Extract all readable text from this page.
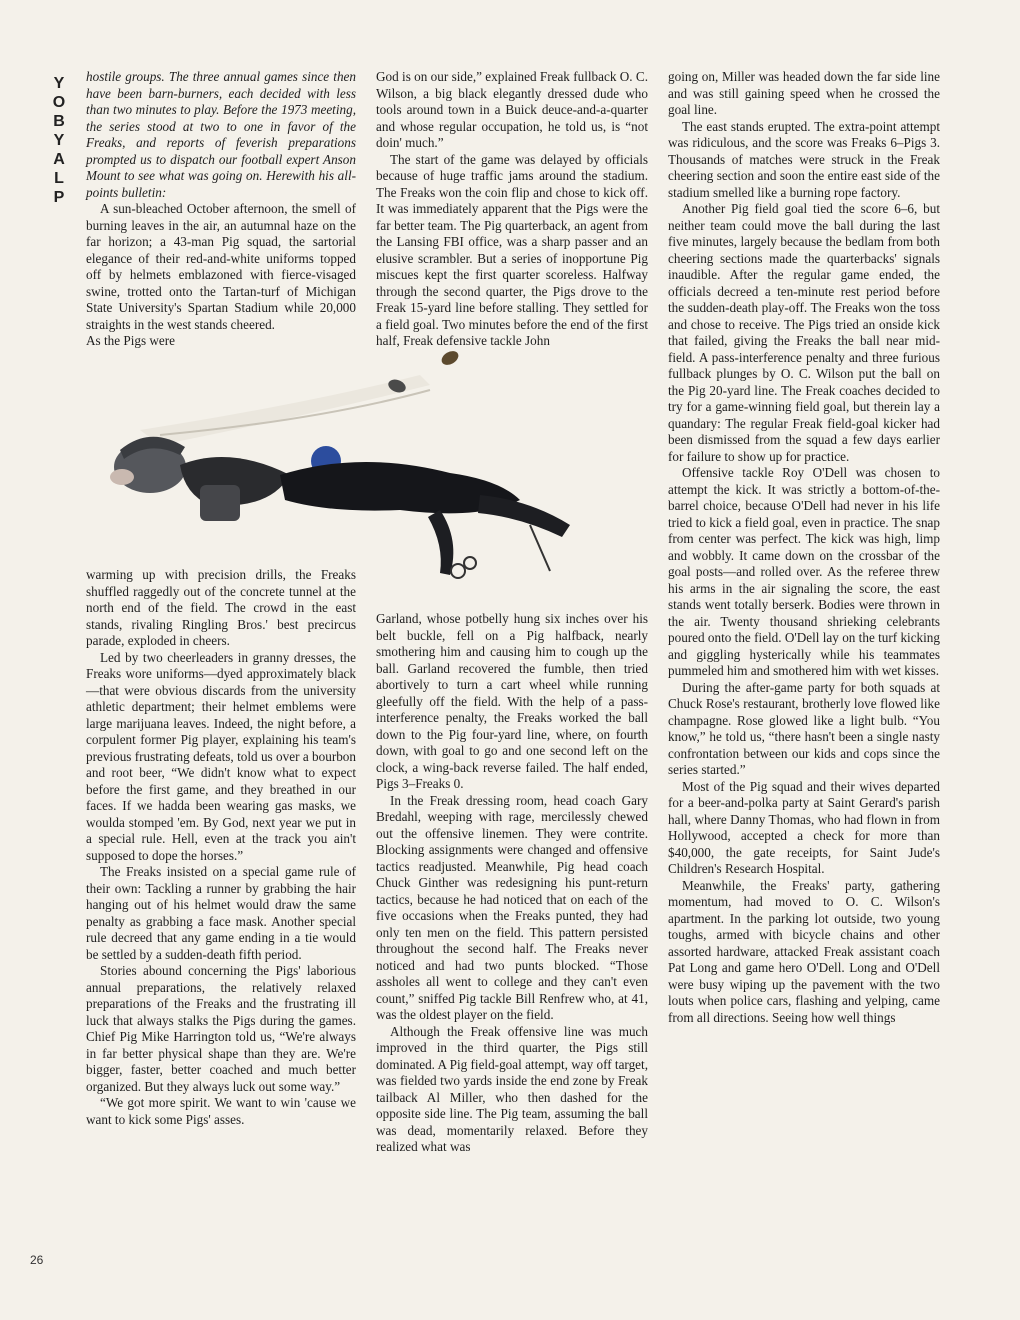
Y
O
B
Y
A
L
P
26

hostile groups. The three annual games since then have been barn-burners, each decided with less than two minutes to play. Before the 1973 meeting, the series stood at two to one in favor of the Freaks, and reports of feverish preparations prompted us to dispatch our football expert Anson Mount to see what was going on. Herewith his all-points bulletin:

A sun-bleached October afternoon, the smell of burning leaves in the air, an autumnal haze on the far horizon; a 43-man Pig squad, the sartorial elegance of their red-and-white uniforms topped off by helmets emblazoned with fierce-visaged swine, trotted onto the Tartan-turf of Michigan State University's Spartan Stadium while 20,000 straights in the west stands cheered.

As the Pigs were

warming up with precision drills, the Freaks shuffled raggedly out of the concrete tunnel at the north end of the field. The crowd in the east stands, rivaling Ringling Bros.' best precircus parade, exploded in cheers.

Led by two cheerleaders in granny dresses, the Freaks wore uniforms—dyed approximately black—that were obvious discards from the university athletic department; their helmet emblems were large marijuana leaves. Indeed, the night before, a corpulent former Pig player, explaining his team's previous frustrating defeats, told us over a bourbon and root beer, “We didn't know what to expect before the first game, and they breathed in our faces. If we hadda been wearing gas masks, we woulda stomped 'em. By God, next year we put in a special rule. Hell, even at the track you ain't supposed to dope the horses.”

The Freaks insisted on a special game rule of their own: Tackling a runner by grabbing the hair hanging out of his helmet would draw the same penalty as grabbing a face mask. Another special rule decreed that any game ending in a tie would be settled by a sudden-death fifth period.

Stories abound concerning the Pigs' laborious annual preparations, the relatively relaxed preparations of the Freaks and the frustrating ill luck that always stalks the Pigs during the games. Chief Pig Mike Harrington told us, “We're always in far better physical shape than they are. We're bigger, faster, better coached and much better organized. But they always luck out some way.”

“We got more spirit. We want to win 'cause we want to kick some Pigs' asses.

God is on our side,” explained Freak fullback O. C. Wilson, a big black elegantly dressed dude who tools around town in a Buick deuce-and-a-quarter and whose regular occupation, he told us, is “not doin' much.”

The start of the game was delayed by officials because of huge traffic jams around the stadium. The Freaks won the coin flip and chose to kick off. It was immediately apparent that the Pigs were the far better team. The Pig quarterback, an agent from the Lansing FBI office, was a sharp passer and an elusive scrambler. But a series of inopportune Pig miscues kept the first quarter scoreless. Halfway through the second quarter, the Pigs drove to the Freak 15-yard line before stalling. They settled for a field goal. Two minutes before the end of the first half, Freak defensive tackle John

Garland, whose potbelly hung six inches over his belt buckle, fell on a Pig halfback, nearly smothering him and causing him to cough up the ball. Garland recovered the fumble, then tried abortively to turn a cart wheel while running gleefully off the field. With the help of a pass-interference penalty, the Freaks worked the ball down to the Pig four-yard line, where, on fourth down, with goal to go and one second left on the clock, a wing-back reverse failed. The half ended, Pigs 3–Freaks 0.

In the Freak dressing room, head coach Gary Bredahl, weeping with rage, mercilessly chewed out the offensive linemen. They were contrite. Blocking assignments were changed and offensive tactics readjusted. Meanwhile, Pig head coach Chuck Ginther was redesigning his punt-return tactics, because he had noticed that on each of the five occasions when the Freaks punted, they had only ten men on the field. This pattern persisted throughout the second half. The Freaks never noticed and had two punts blocked. “Those assholes all went to college and they can't even count,” sniffed Pig tackle Bill Renfrew who, at 41, was the oldest player on the field.

Although the Freak offensive line was much improved in the third quarter, the Pigs still dominated. A Pig field-goal attempt, way off target, was fielded two yards inside the end zone by Freak tailback Al Miller, who then dashed for the opposite side line. The Pig team, assuming the ball was dead, momentarily relaxed. Before they realized what was

going on, Miller was headed down the far side line and was still gaining speed when he crossed the goal line.

The east stands erupted. The extra-point attempt was ridiculous, and the score was Freaks 6–Pigs 3. Thousands of matches were struck in the Freak cheering section and soon the entire east side of the stadium smelled like a burning rope factory.

Another Pig field goal tied the score 6–6, but neither team could move the ball during the last five minutes, largely because the bedlam from both cheering sections made the quarterbacks' signals inaudible. After the regular game ended, the officials decreed a ten-minute rest period before the sudden-death play-off. The Freaks won the toss and chose to receive. The Pigs tried an onside kick that failed, giving the Freaks the ball near mid-field. A pass-interference penalty and three furious fullback plunges by O. C. Wilson put the ball on the Pig 20-yard line. The Freak coaches decided to try for a game-winning field goal, but therein lay a quandary: The regular Freak field-goal kicker had been dismissed from the squad a few days earlier for failure to show up for practice.

Offensive tackle Roy O'Dell was chosen to attempt the kick. It was strictly a bottom-of-the-barrel choice, because O'Dell had never in his life tried to kick a field goal, even in practice. The snap from center was perfect. The kick was high, limp and wobbly. It came down on the crossbar of the goal posts—and rolled over. As the referee threw his arms in the air signaling the score, the east stands went totally berserk. Bodies were thrown in the air. Twenty thousand shrieking celebrants poured onto the field. O'Dell lay on the turf kicking and giggling hysterically while his teammates pummeled him and smothered him with wet kisses.

During the after-game party for both squads at Chuck Rose's restaurant, brotherly love flowed like champagne. Rose glowed like a light bulb. “You know,” he told us, “there hasn't been a single nasty confrontation between our kids and cops since the series started.”

Most of the Pig squad and their wives departed for a beer-and-polka party at Saint Gerard's parish hall, where Danny Thomas, who had flown in from Hollywood, accepted a check for more than $40,000, the gate receipts, for Saint Jude's Children's Research Hospital.

Meanwhile, the Freaks' party, gathering momentum, had moved to O. C. Wilson's apartment. In the parking lot outside, two young toughs, armed with bicycle chains and other assorted hardware, attacked Freak assistant coach Pat Long and game hero O'Dell. Long and O'Dell were busy wiping up the pavement with the two louts when police cars, flashing and yelping, came from all directions. Seeing how well things
